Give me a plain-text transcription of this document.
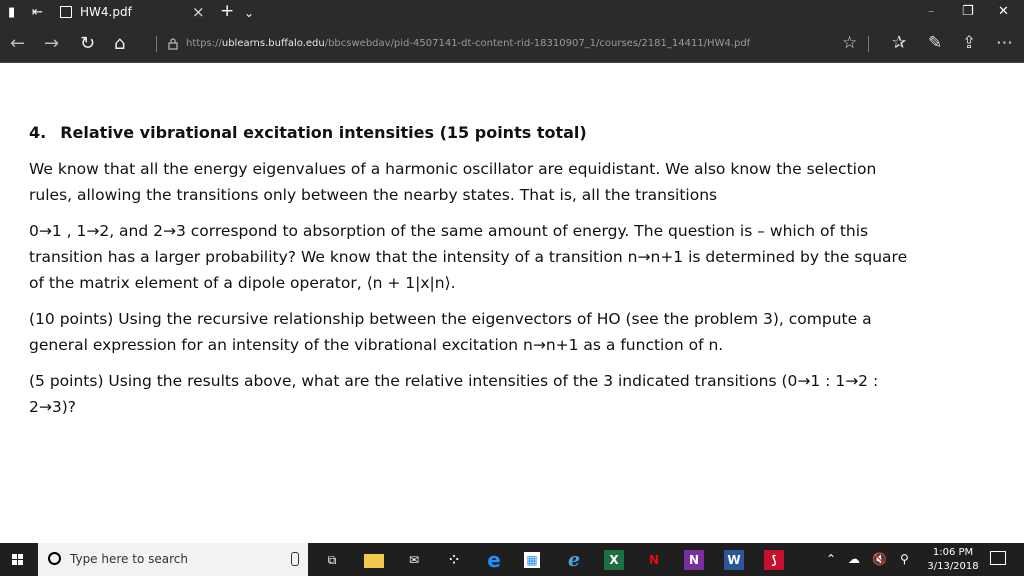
▮ ⇤	HW4.pdf	× + ⌄	– ❐ ✕
← → ↻ ⌂	https://ublearns.buffalo.edu/bbcswebdav/pid-4507141-dt-content-rid-18310907_1/courses/2181_14411/HW4.pdf	☆ ✰ ✎ ⇪ ⋯

4. Relative vibrational excitation intensities (15 points total)

We know that all the energy eigenvalues of a harmonic oscillator are equidistant. We also know the selection rules, allowing the transitions only between the nearby states. That is, all the transitions

0→1 , 1→2, and 2→3 correspond to absorption of the same amount of energy. The question is – which of this transition has a larger probability? We know that the intensity of a transition n→n+1 is determined by the square of the matrix element of a dipole operator, ⟨n + 1|x|n⟩.

(10 points) Using the recursive relationship between the eigenvectors of HO (see the problem 3), compute a general expression for an intensity of the vibrational excitation n→n+1 as a function of n.

(5 points) Using the results above, what are the relative intensities of the 3 indicated transitions (0→1 : 1→2 : 2→3)?

Type here to search	⧉	✉	⁘ e ▦ ℯ	X	N	N	W	⟆	⌃ ☁ 🔇 ⚲	1:06 PM
3/13/2018
